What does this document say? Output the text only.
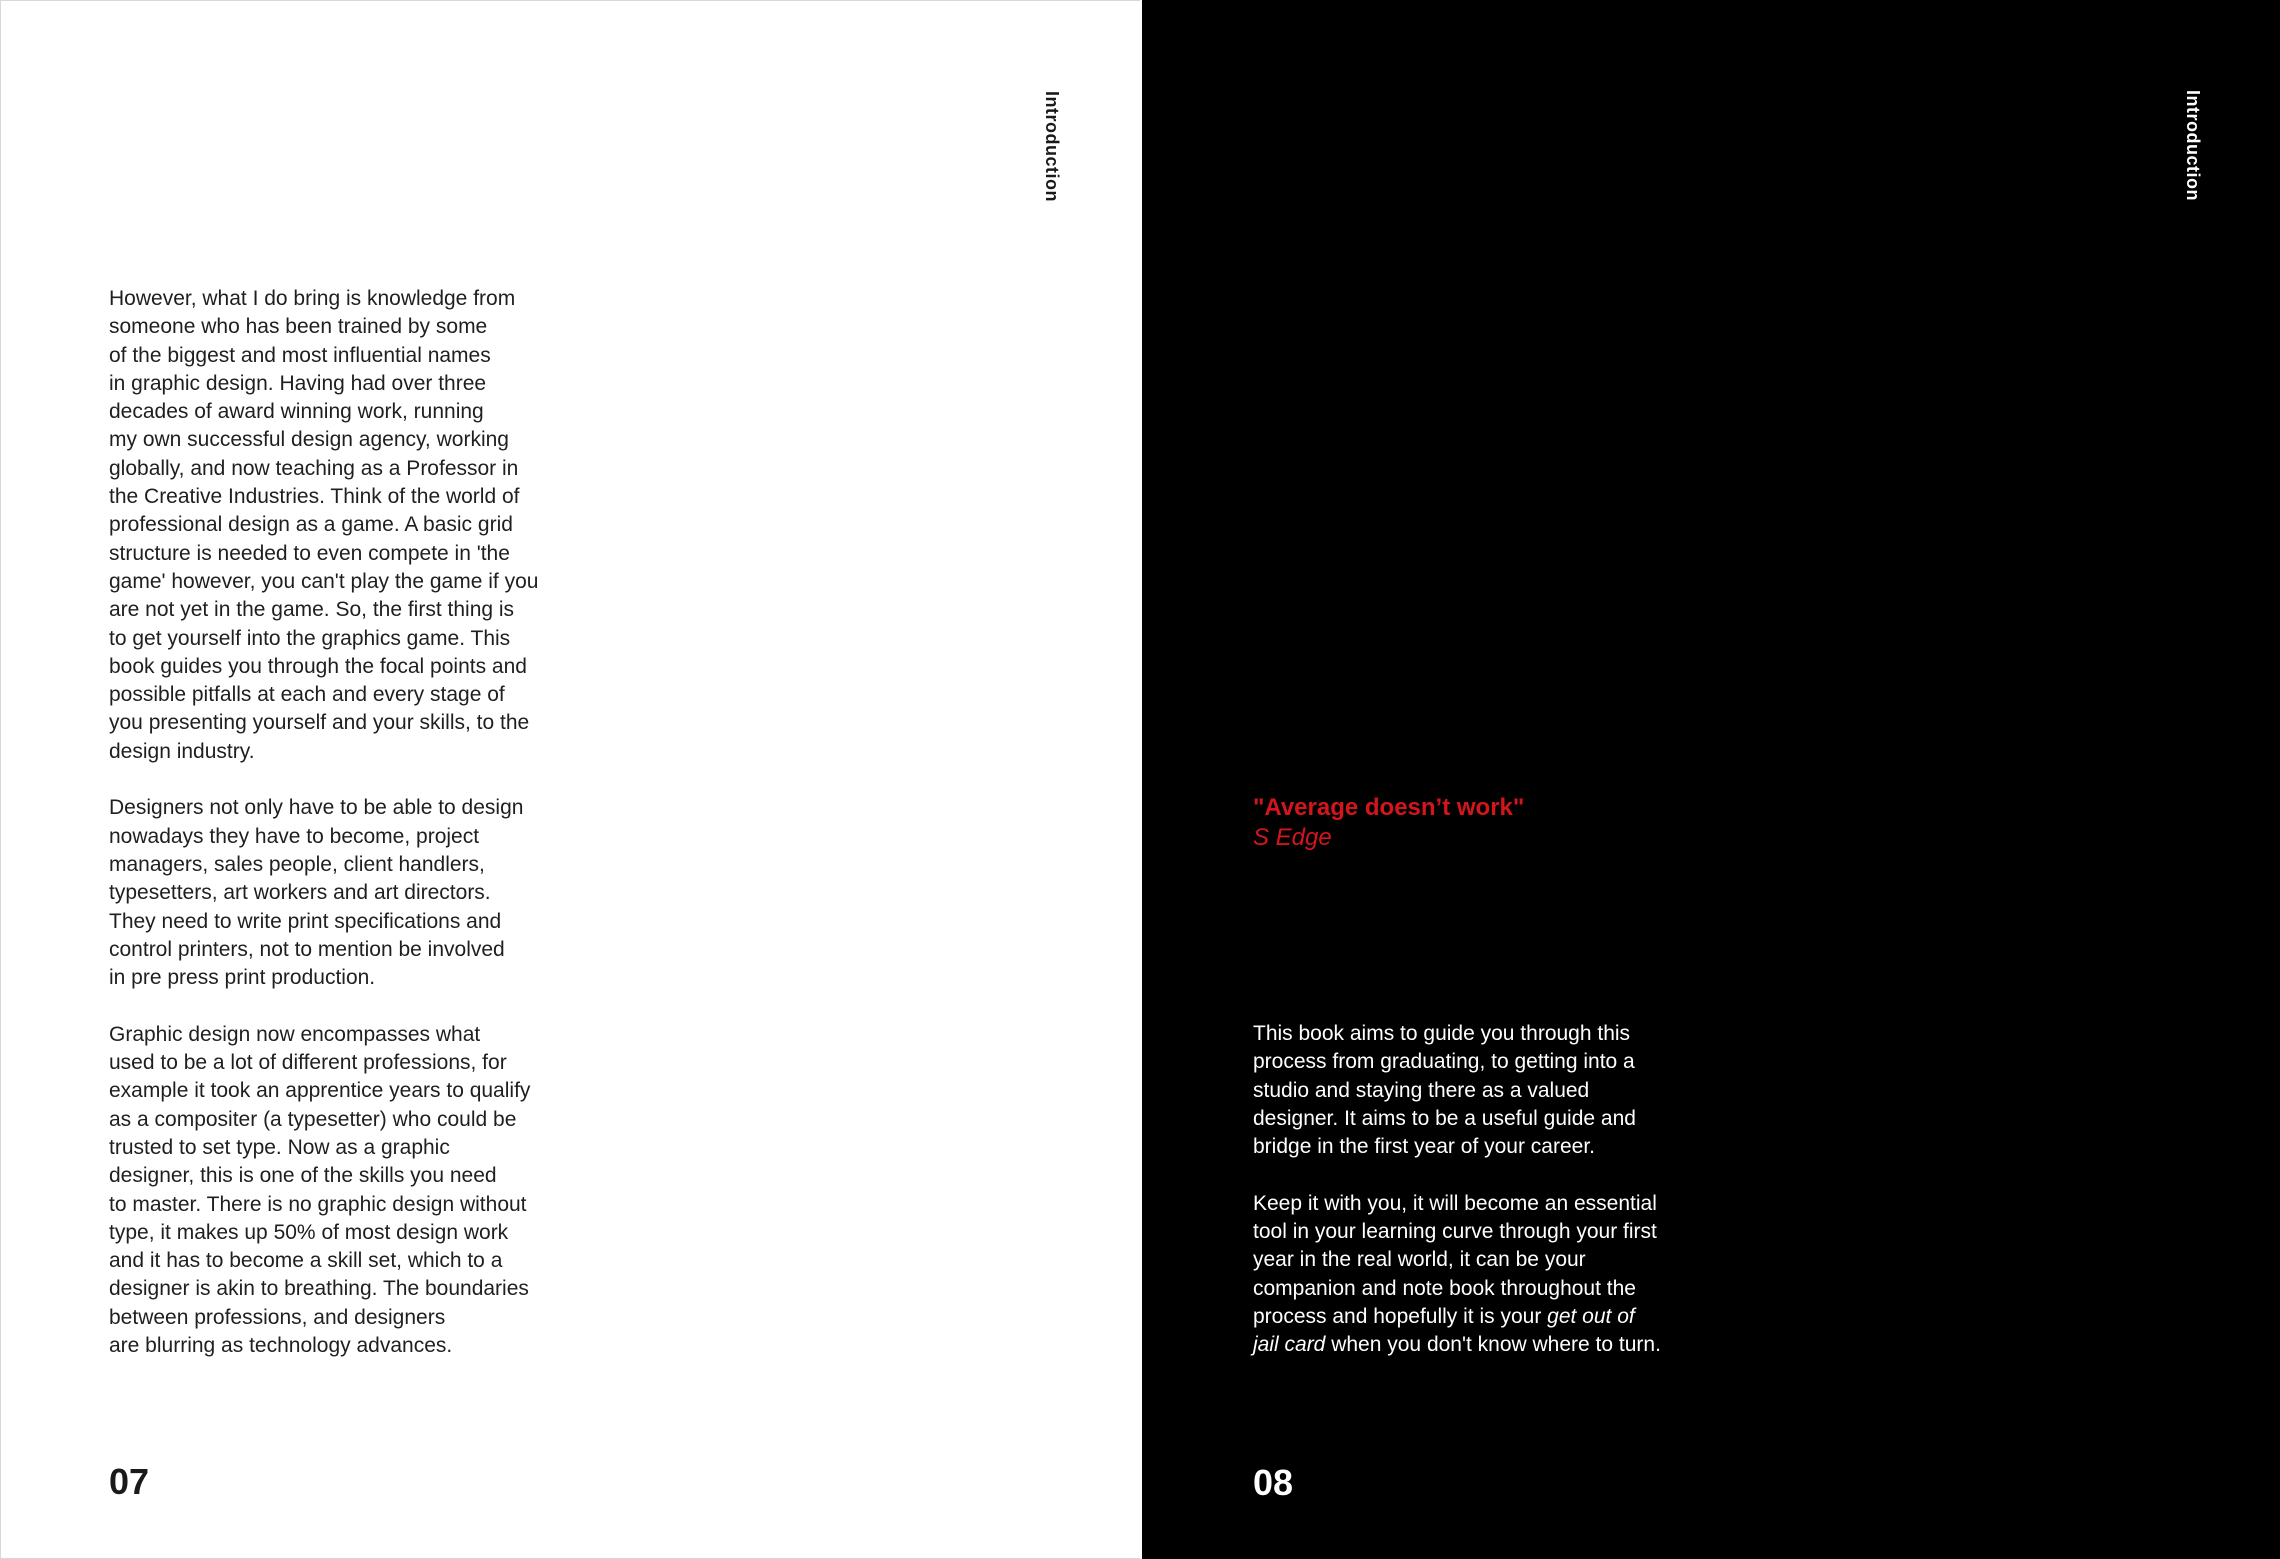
Introduction

However, what I do bring is knowledge from
someone who has been trained by some
of the biggest and most influential names
in graphic design. Having had over three
decades of award winning work, running
my own successful design agency, working
globally, and now teaching as a Professor in
the Creative Industries. Think of the world of
professional design as a game. A basic grid
structure is needed to even compete in 'the
game' however, you can't play the game if you
are not yet in the game. So, the first thing is
to get yourself into the graphics game. This
book guides you through the focal points and
possible pitfalls at each and every stage of
you presenting yourself and your skills, to the
design industry.

Designers not only have to be able to design
nowadays they have to become, project
managers, sales people, client handlers,
typesetters, art workers and art directors.
They need to write print specifications and
control printers, not to mention be involved
in pre press print production.

Graphic design now encompasses what
used to be a lot of different professions, for
example it took an apprentice years to qualify
as a compositer (a typesetter) who could be
trusted to set type. Now as a graphic
designer, this is one of the skills you need
to master. There is no graphic design without
type, it makes up 50% of most design work
and it has to become a skill set, which to a
designer is akin to breathing. The boundaries
between professions, and designers
are blurring as technology advances.

07
Introduction
"Average doesn’t work"
S Edge

This book aims to guide you through this process from graduating, to getting into a studio and staying there as a valued designer. It aims to be a useful guide and bridge in the first year of your career.

Keep it with you, it will become an essential tool in your learning curve through your first year in the real world, it can be your companion and note book throughout the process and hopefully it is your get out of jail card when you don't know where to turn.

08
